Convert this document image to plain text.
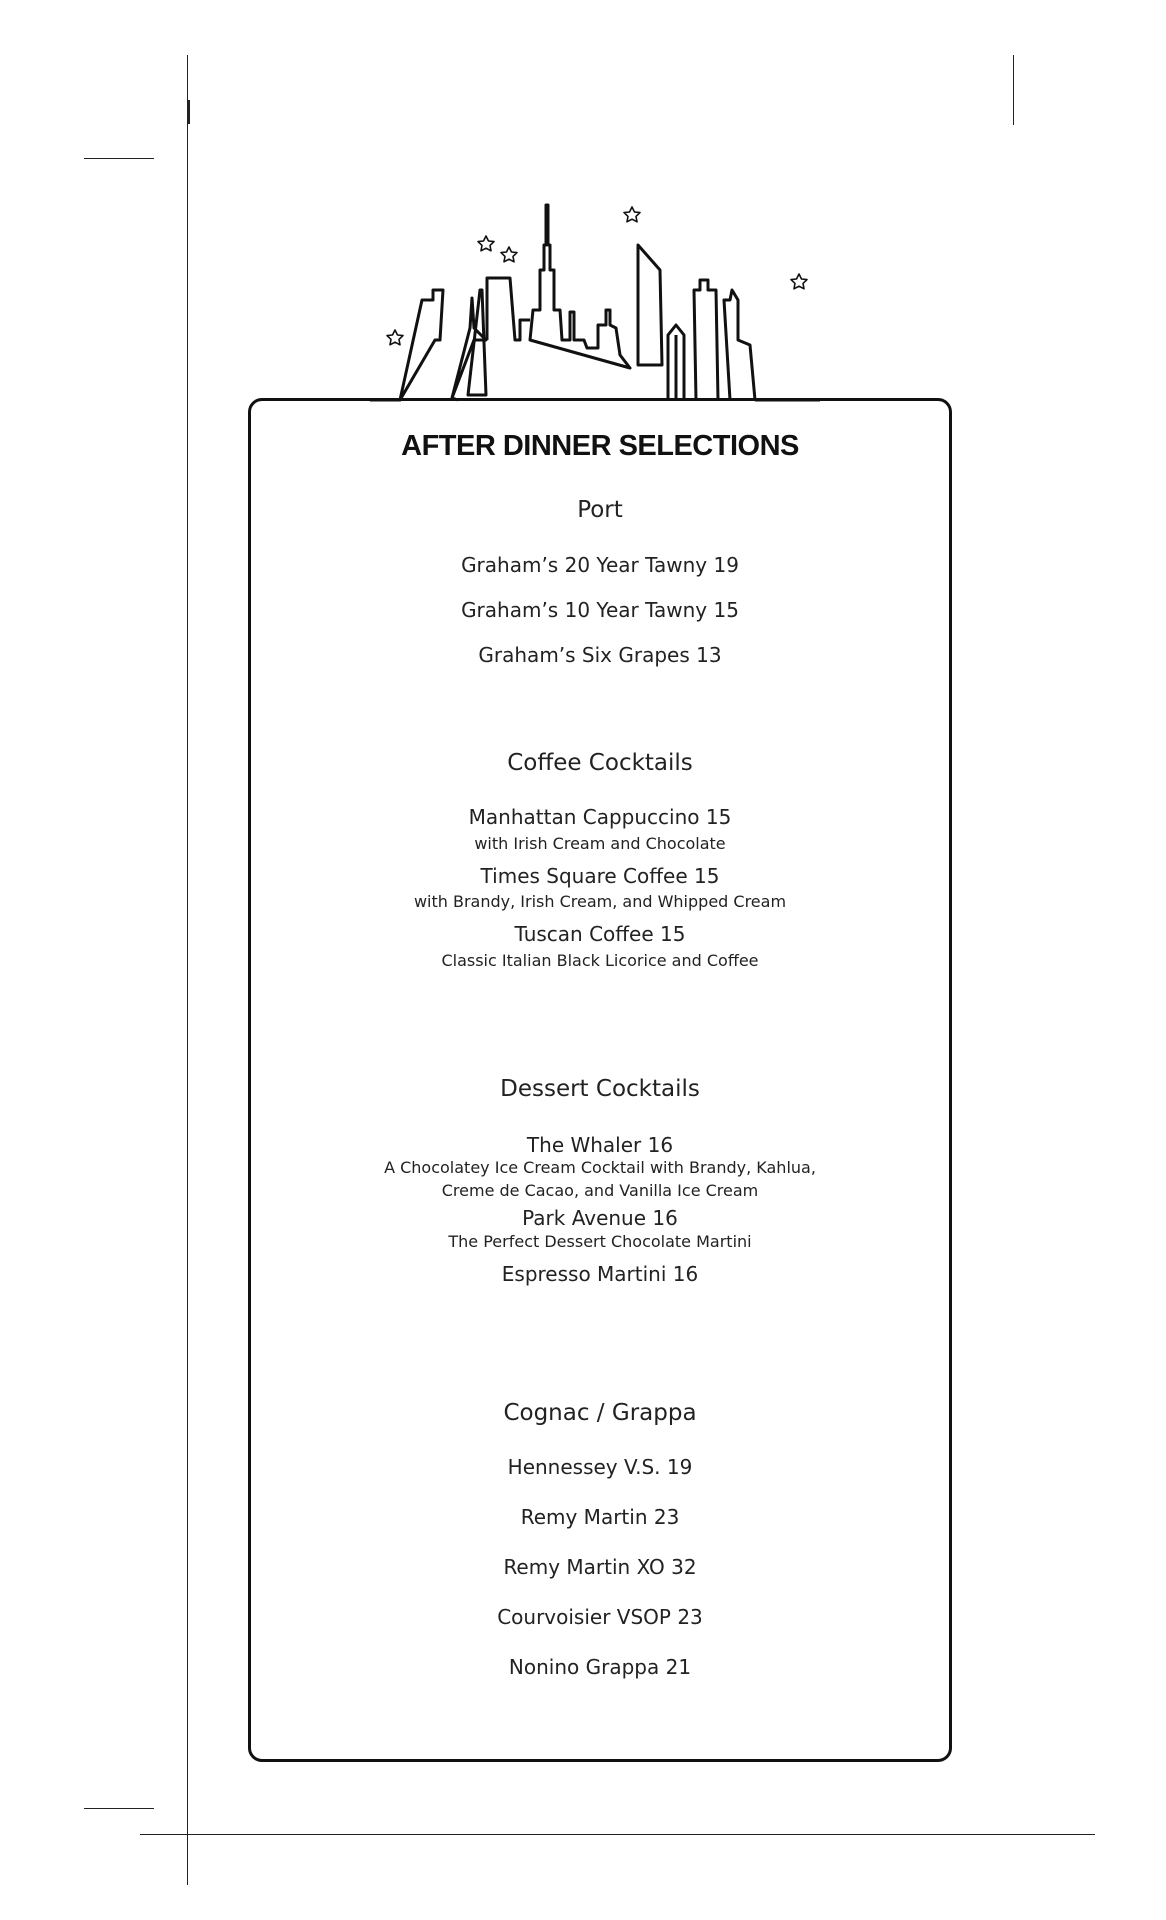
AFTER DINNER SELECTIONS
Port
Graham’s 20 Year Tawny 19
Graham’s 10 Year Tawny 15
Graham’s Six Grapes 13
Coffee Cocktails
Manhattan Cappuccino 15
with Irish Cream and Chocolate
Times Square Coffee 15
with Brandy, Irish Cream, and Whipped Cream
Tuscan Coffee 15
Classic Italian Black Licorice and Coffee
Dessert Cocktails
The Whaler 16
A Chocolatey Ice Cream Cocktail with Brandy, Kahlua,
Creme de Cacao, and Vanilla Ice Cream
Park Avenue 16
The Perfect Dessert Chocolate Martini
Espresso Martini 16
Cognac / Grappa
Hennessey V.S. 19
Remy Martin 23
Remy Martin XO 32
Courvoisier VSOP 23
Nonino Grappa 21
